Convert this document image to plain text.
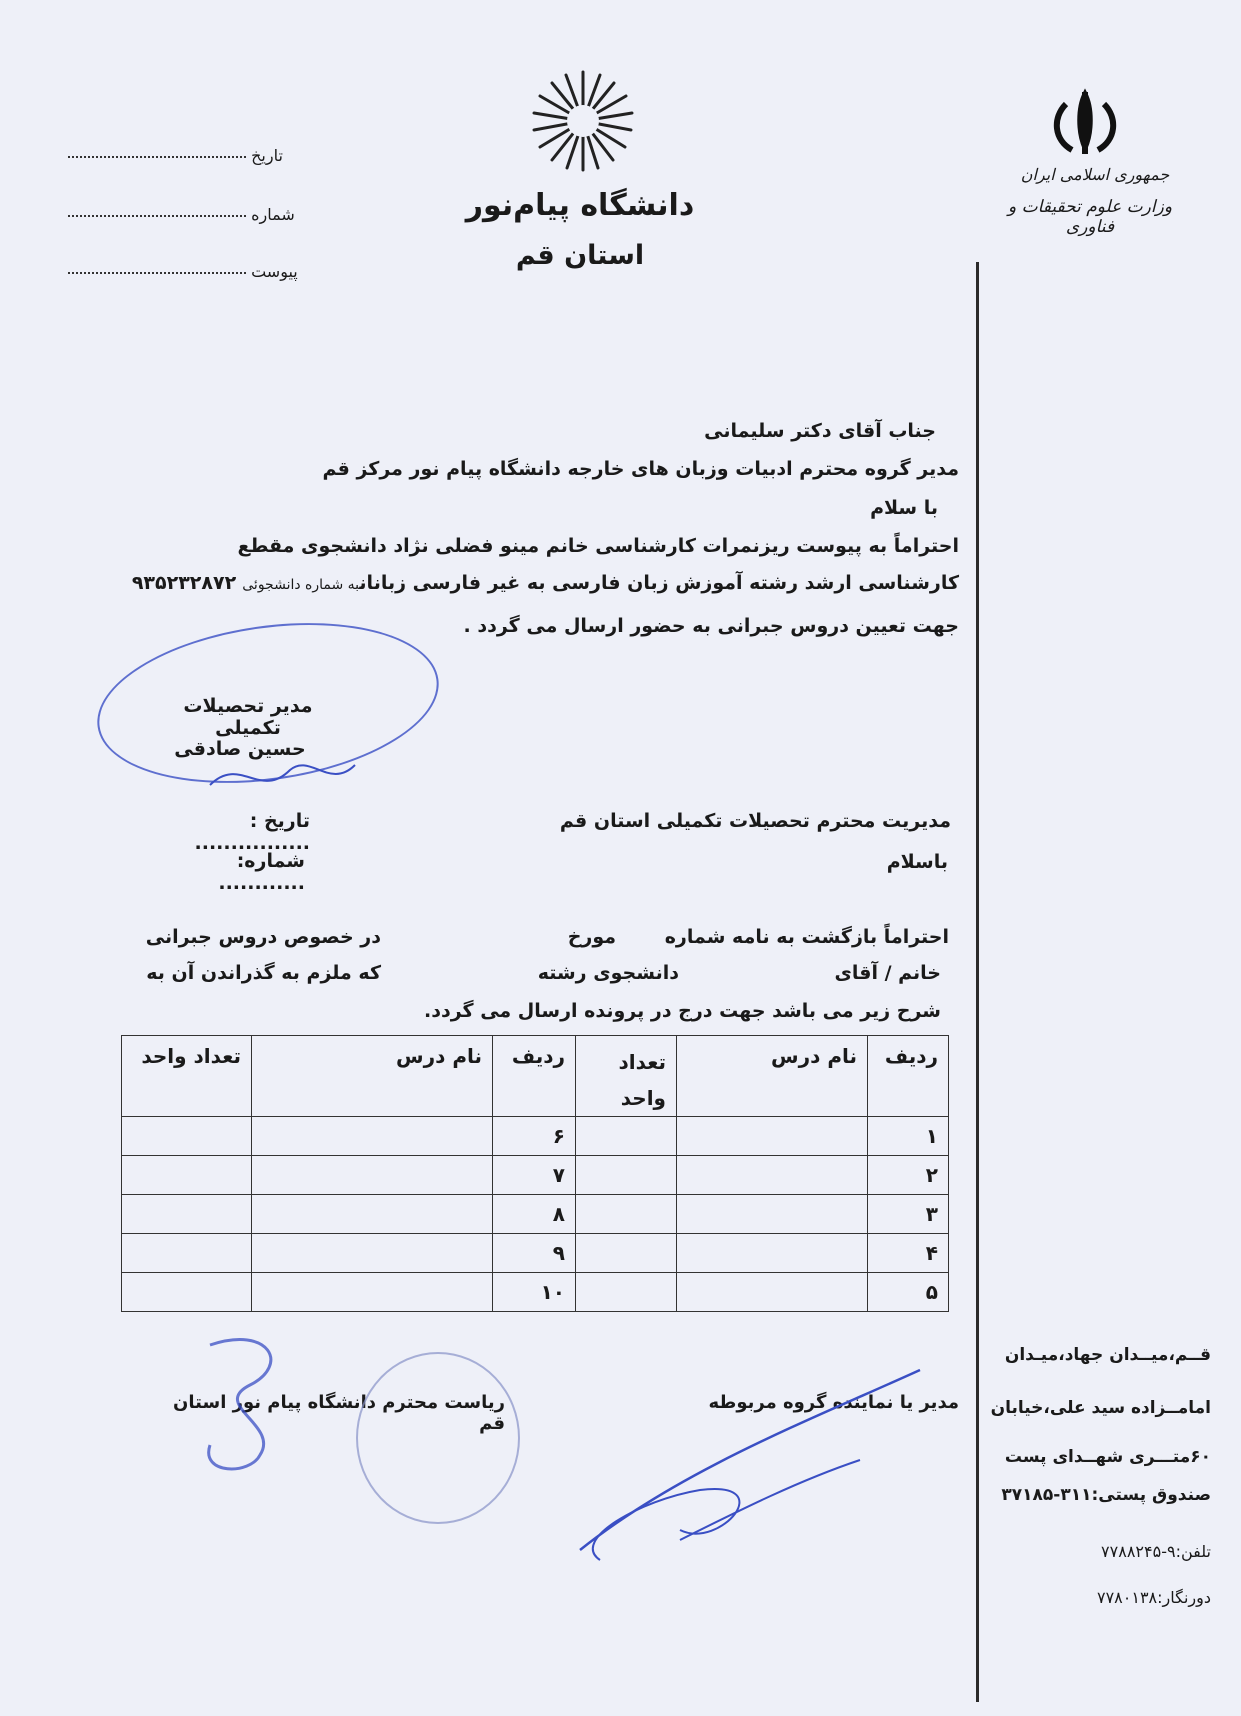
جمهوری اسلامی ایران
وزارت علوم تحقیقات و فناوری
دانشگاه پیام‌نور
استان قم
تاریخ
شماره
پیوست
جناب آقای دکتر سلیمانی
مدیر گروه محترم ادبیات وزبان های خارجه دانشگاه پیام نور مرکز قم
با سلام
احتراماً به پیوست ریزنمرات کارشناسی خانم مینو فضلی نژاد دانشجوی مقطع
کارشناسی ارشد رشته آموزش زبان فارسی به غیر فارسی زبانانبه شماره دانشجوئی ۹۳۵۲۳۲۸۷۲
جهت تعیین دروس جبرانی به حضور ارسال می گردد .
مدیر تحصیلات تکمیلی
حسین صادقی
تاریخ : ................
شماره: ............
مدیریت محترم تحصیلات تکمیلی استان قم
باسلام
احتراماً بازگشت به نامه شماره
مورخ
در خصوص دروس جبرانی
خانم / آقای
دانشجوی رشته
که ملزم به گذراندن آن به
شرح زیر می باشد جهت درج در پرونده ارسال می گردد.
ردیف	نام درس	تعداد واحد	ردیف	نام درس	تعداد واحد
۱			۶		
۲			۷		
۳			۸		
۴			۹		
۵			۱۰		
مدیر یا نماینده گروه مربوطه
ریاست محترم دانشگاه پیام نور استان قم
قــم،میــدان جهاد،میـدان
امامــزاده سید علی،خیابان
۶۰متـــری شهــدای پست
صندوق پستی:۳۱۱-۳۷۱۸۵
تلفن:۹-۷۷۸۸۲۴۵
دورنگار:۷۷۸۰۱۳۸
